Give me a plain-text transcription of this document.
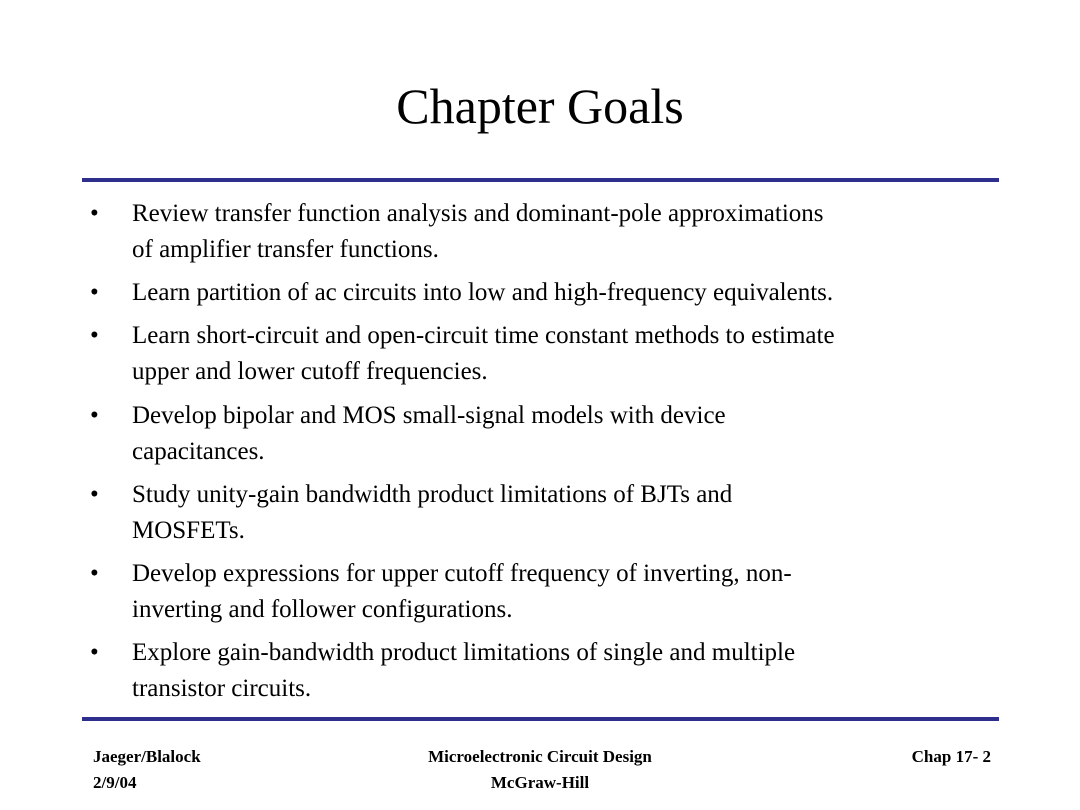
Chapter Goals
• Review transfer function analysis and dominant-pole approximations
of amplifier transfer functions.
• Learn partition of ac circuits into low and high-frequency equivalents.
• Learn short-circuit and open-circuit time constant methods to estimate
upper and lower cutoff frequencies.
• Develop bipolar and MOS small-signal models with device
capacitances.
• Study unity-gain bandwidth product limitations of BJTs and
MOSFETs.
• Develop expressions for upper cutoff frequency of inverting, non-
inverting and follower configurations.
• Explore gain-bandwidth product limitations of single and multiple
transistor circuits.
Jaeger/Blalock
2/9/04
Microelectronic Circuit Design
McGraw-Hill
Chap 17- 2
